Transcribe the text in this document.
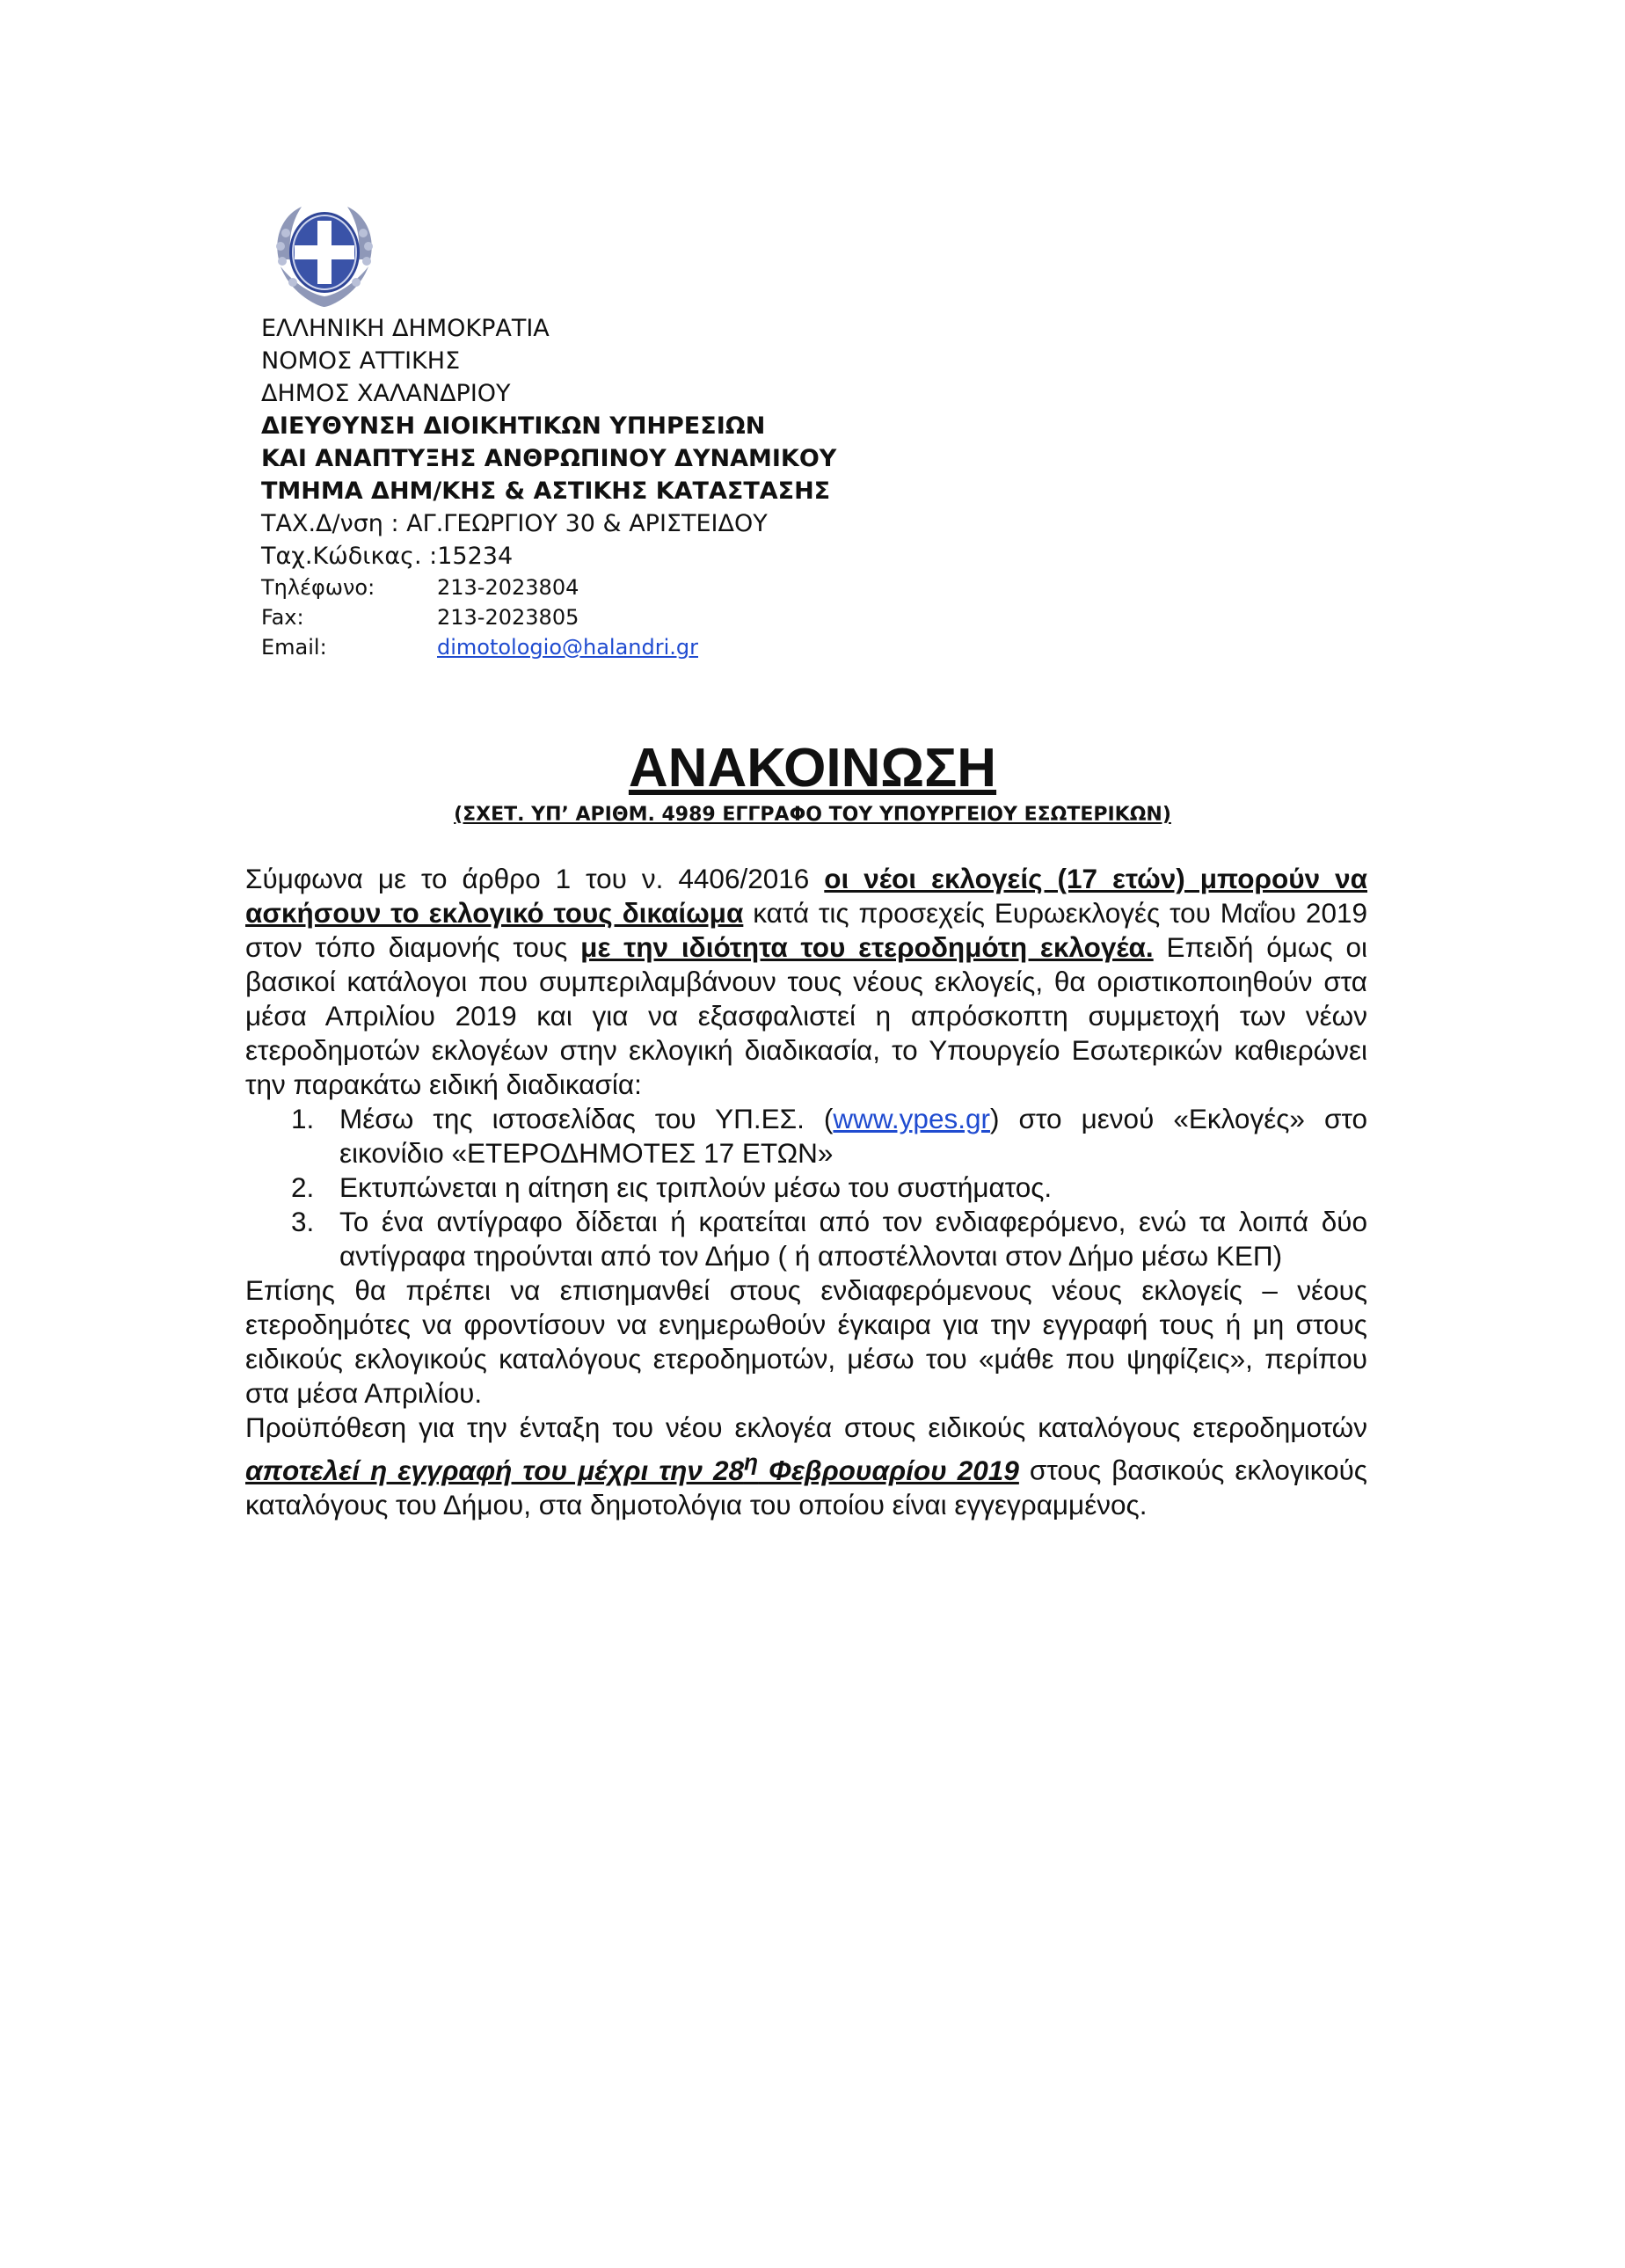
ΕΛΛΗΝΙΚΗ ΔΗΜΟΚΡΑΤΙΑ
ΝΟΜΟΣ ΑΤΤΙΚΗΣ
ΔΗΜΟΣ ΧΑΛΑΝΔΡΙΟΥ
ΔΙΕΥΘΥΝΣΗ ΔΙΟΙΚΗΤΙΚΩΝ ΥΠΗΡΕΣΙΩΝ
ΚΑΙ ΑΝΑΠΤΥΞΗΣ ΑΝΘΡΩΠΙΝΟΥ ΔΥΝΑΜΙΚΟΥ
ΤΜΗΜΑ ΔΗΜ/ΚΗΣ & ΑΣΤΙΚΗΣ ΚΑΤΑΣΤΑΣΗΣ
ΤΑΧ.Δ/νση : ΑΓ.ΓΕΩΡΓΙΟΥ 30 & ΑΡΙΣΤΕΙΔΟΥ
Ταχ.Κώδικας. :15234
Τηλέφωνο:	213-2023804
Fax:	213-2023805
Email:	dimotologio@halandri.gr
ΑΝΑΚΟΙΝΩΣΗ
(ΣΧΕΤ. ΥΠ’ ΑΡΙΘΜ. 4989 ΕΓΓΡΑΦΟ ΤΟΥ ΥΠΟΥΡΓΕΙΟΥ ΕΣΩΤΕΡΙΚΩΝ)

Σύμφωνα με το άρθρο 1 του ν. 4406/2016 οι νέοι εκλογείς (17 ετών) μπορούν να ασκήσουν το εκλογικό τους δικαίωμα κατά τις προσεχείς Ευρωεκλογές του Μαΐου 2019 στον τόπο διαμονής τους με την ιδιότητα του ετεροδημότη εκλογέα. Επειδή όμως οι βασικοί κατάλογοι που συμπεριλαμβάνουν τους νέους εκλογείς, θα οριστικοποιηθούν στα μέσα Απριλίου 2019 και για να εξασφαλιστεί η απρόσκοπτη συμμετοχή των νέων ετεροδημοτών εκλογέων στην εκλογική διαδικασία, το Υπουργείο Εσωτερικών καθιερώνει την παρακάτω ειδική διαδικασία:

1. Μέσω της ιστοσελίδας του ΥΠ.ΕΣ. (www.ypes.gr) στο μενού «Εκλογές» στο εικονίδιο «ΕΤΕΡΟΔΗΜΟΤΕΣ 17 ΕΤΩΝ»
2. Εκτυπώνεται η αίτηση εις τριπλούν μέσω του συστήματος.
3. Το ένα αντίγραφο δίδεται ή κρατείται από τον ενδιαφερόμενο, ενώ τα λοιπά δύο αντίγραφα τηρούνται από τον Δήμο ( ή αποστέλλονται στον Δήμο μέσω ΚΕΠ)

Επίσης θα πρέπει να επισημανθεί στους ενδιαφερόμενους νέους εκλογείς – νέους ετεροδημότες να φροντίσουν να ενημερωθούν έγκαιρα για την εγγραφή τους ή μη στους ειδικούς εκλογικούς καταλόγους ετεροδημοτών, μέσω του «μάθε που ψηφίζεις», περίπου στα μέσα Απριλίου.

Προϋπόθεση για την ένταξη του νέου εκλογέα στους ειδικούς καταλόγους ετεροδημοτών αποτελεί η εγγραφή του μέχρι την $28^\eta$ Φεβρουαρίου 2019 στους βασικούς εκλογικούς καταλόγους του Δήμου, στα δημοτολόγια του οποίου είναι εγγεγραμμένος.
